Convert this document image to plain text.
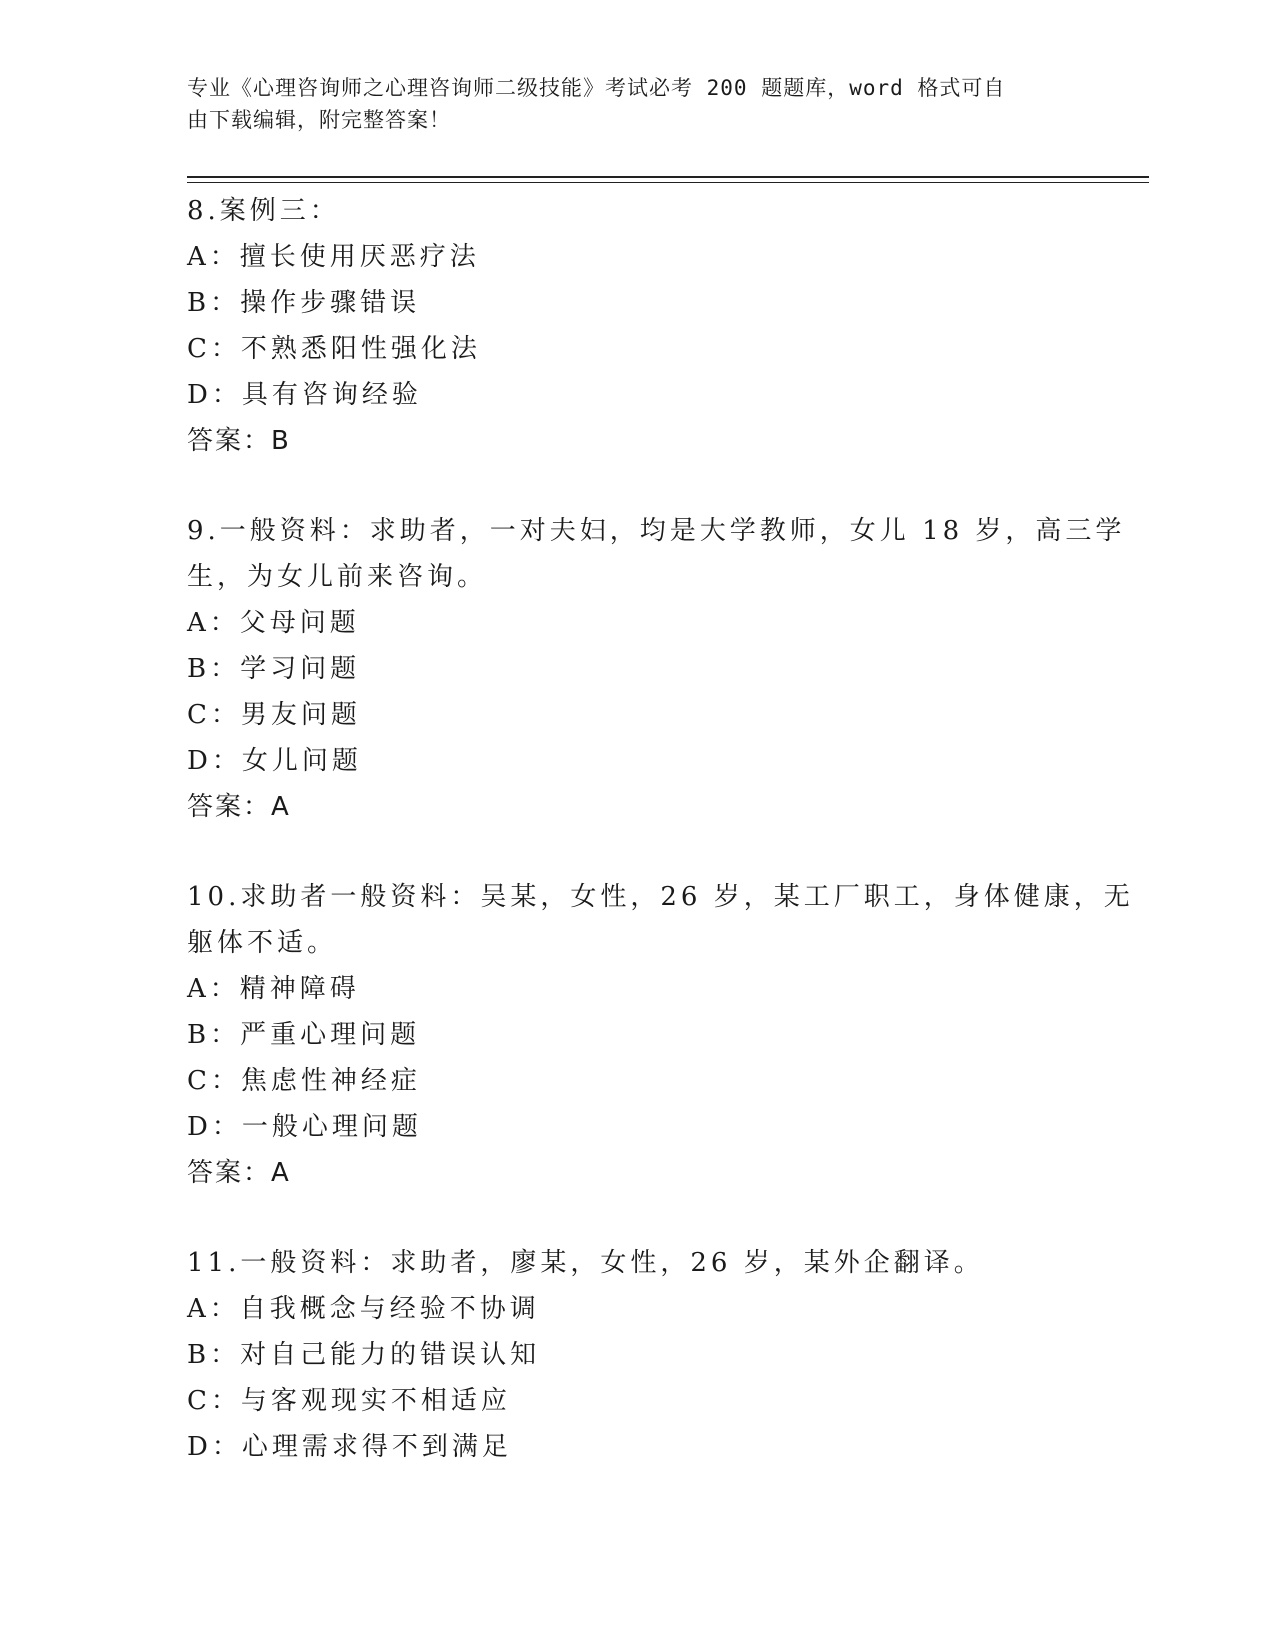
专业《心理咨询师之心理咨询师二级技能》考试必考 200 题题库，word 格式可自
由下载编辑，附完整答案！
8.案例三：
A：擅长使用厌恶疗法
B：操作步骤错误
C：不熟悉阳性强化法
D：具有咨询经验
答案：B
9.一般资料：求助者，一对夫妇，均是大学教师，女儿 18 岁，高三学
生，为女儿前来咨询。
A：父母问题
B：学习问题
C：男友问题
D：女儿问题
答案：A
10.求助者一般资料：吴某，女性，26 岁，某工厂职工，身体健康，无
躯体不适。
A：精神障碍
B：严重心理问题
C：焦虑性神经症
D：一般心理问题
答案：A
11.一般资料：求助者，廖某，女性，26 岁，某外企翻译。
A：自我概念与经验不协调
B：对自己能力的错误认知
C：与客观现实不相适应
D：心理需求得不到满足
